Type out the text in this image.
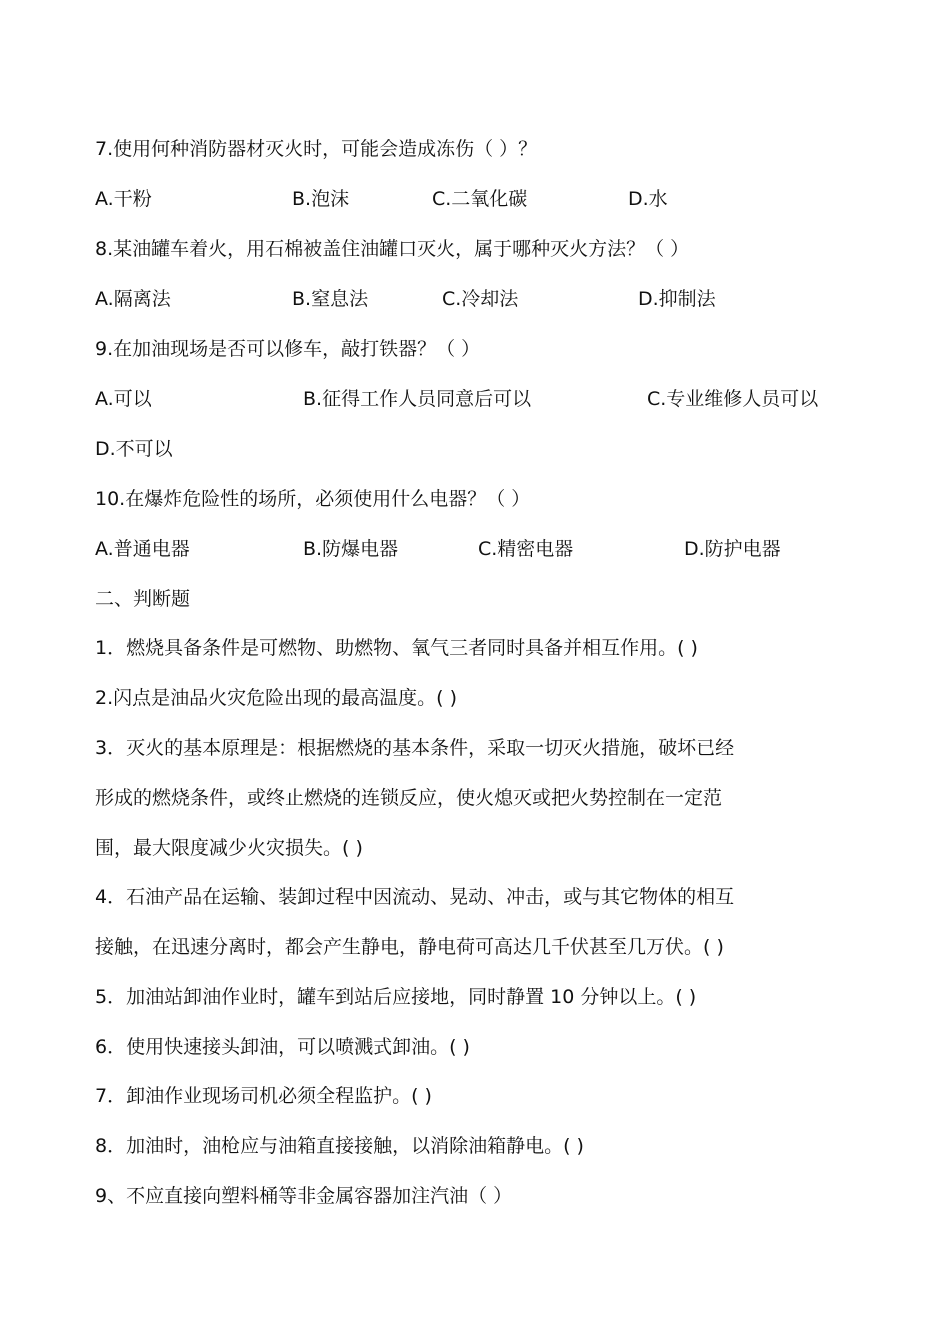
7.使用何种消防器材灭火时，可能会造成冻伤（ ）？
A.干粉	B.泡沫	C.二氧化碳	D.水
8.某油罐车着火，用石棉被盖住油罐口灭火，属于哪种灭火方法？（ ）
A.隔离法	B.窒息法	C.冷却法	D.抑制法
9.在加油现场是否可以修车，敲打铁器？（ ）
A.可以	B.征得工作人员同意后可以	C.专业维修人员可以
D.不可以
10.在爆炸危险性的场所，必须使用什么电器？（ ）
A.普通电器	B.防爆电器	C.精密电器	D.防护电器
二、判断题
1．燃烧具备条件是可燃物、助燃物、氧气三者同时具备并相互作用。( )
2.闪点是油品火灾危险出现的最高温度。( )
3．灭火的基本原理是：根据燃烧的基本条件，采取一切灭火措施，破坏已经
形成的燃烧条件，或终止燃烧的连锁反应，使火熄灭或把火势控制在一定范
围，最大限度减少火灾损失。( )
4．石油产品在运输、装卸过程中因流动、晃动、冲击，或与其它物体的相互
接触，在迅速分离时，都会产生静电，静电荷可高达几千伏甚至几万伏。( )
5．加油站卸油作业时，罐车到站后应接地，同时静置 10 分钟以上。( )
6．使用快速接头卸油，可以喷溅式卸油。( )
7．卸油作业现场司机必须全程监护。( )
8．加油时，油枪应与油箱直接接触，以消除油箱静电。( )
9、不应直接向塑料桶等非金属容器加注汽油（ ）
